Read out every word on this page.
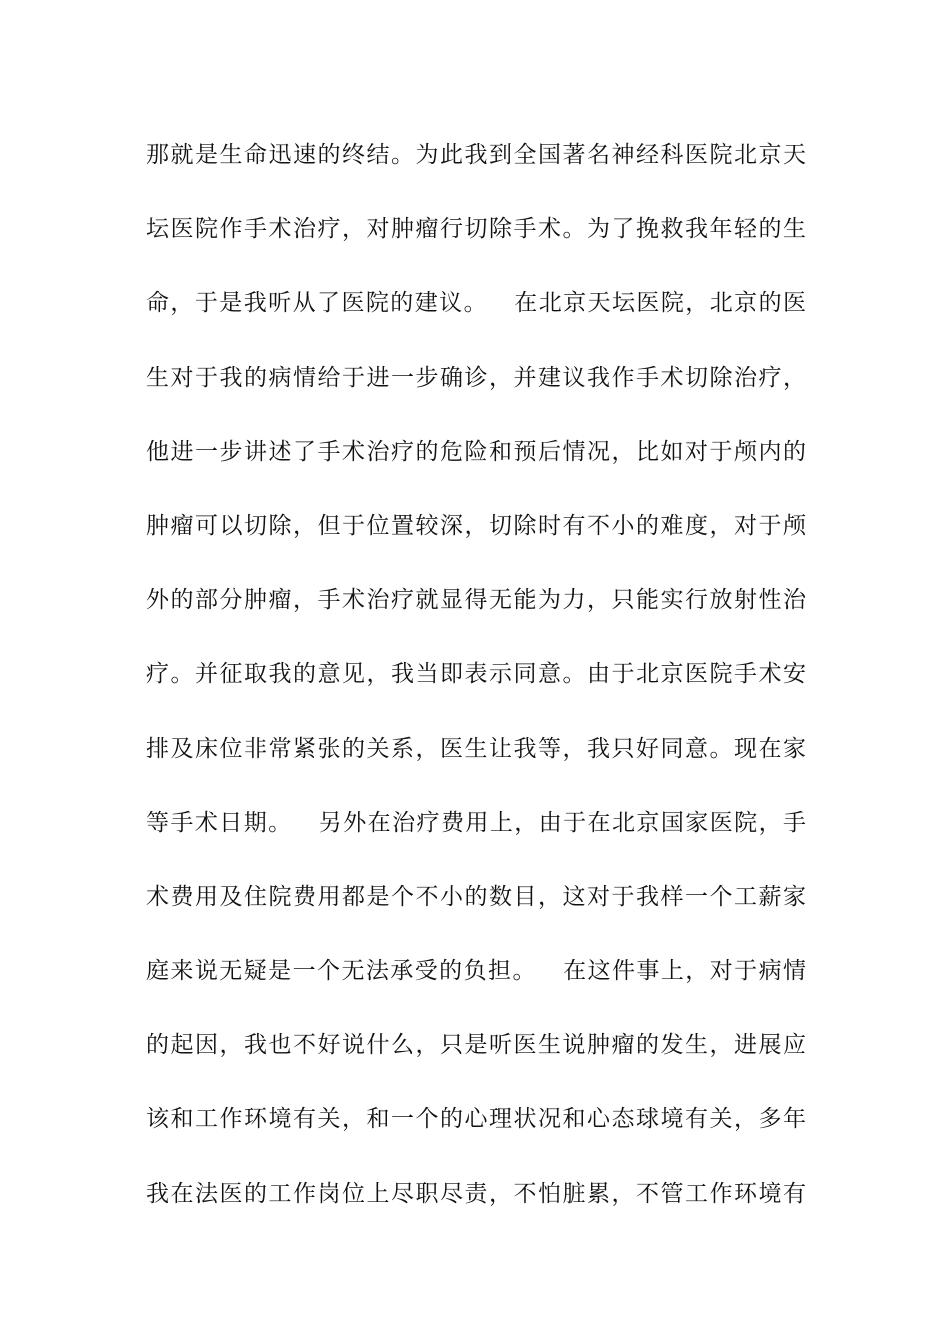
那就是生命迅速的终结。为此我到全国著名神经科医院北京天
坛医院作手术治疗，对肿瘤行切除手术。为了挽救我年轻的生
命，于是我听从了医院的建议。   在北京天坛医院，北京的医
生对于我的病情给于进一步确诊，并建议我作手术切除治疗，
他进一步讲述了手术治疗的危险和预后情况，比如对于颅内的
肿瘤可以切除，但于位置较深，切除时有不小的难度，对于颅
外的部分肿瘤，手术治疗就显得无能为力，只能实行放射性治
疗。并征取我的意见，我当即表示同意。由于北京医院手术安
排及床位非常紧张的关系，医生让我等，我只好同意。现在家
等手术日期。   另外在治疗费用上，由于在北京国家医院，手
术费用及住院费用都是个不小的数目，这对于我样一个工薪家
庭来说无疑是一个无法承受的负担。   在这件事上，对于病情
的起因，我也不好说什么，只是听医生说肿瘤的发生，进展应
该和工作环境有关，和一个的心理状况和心态球境有关，多年
我在法医的工作岗位上尽职尽责，不怕脏累，不管工作环境有
